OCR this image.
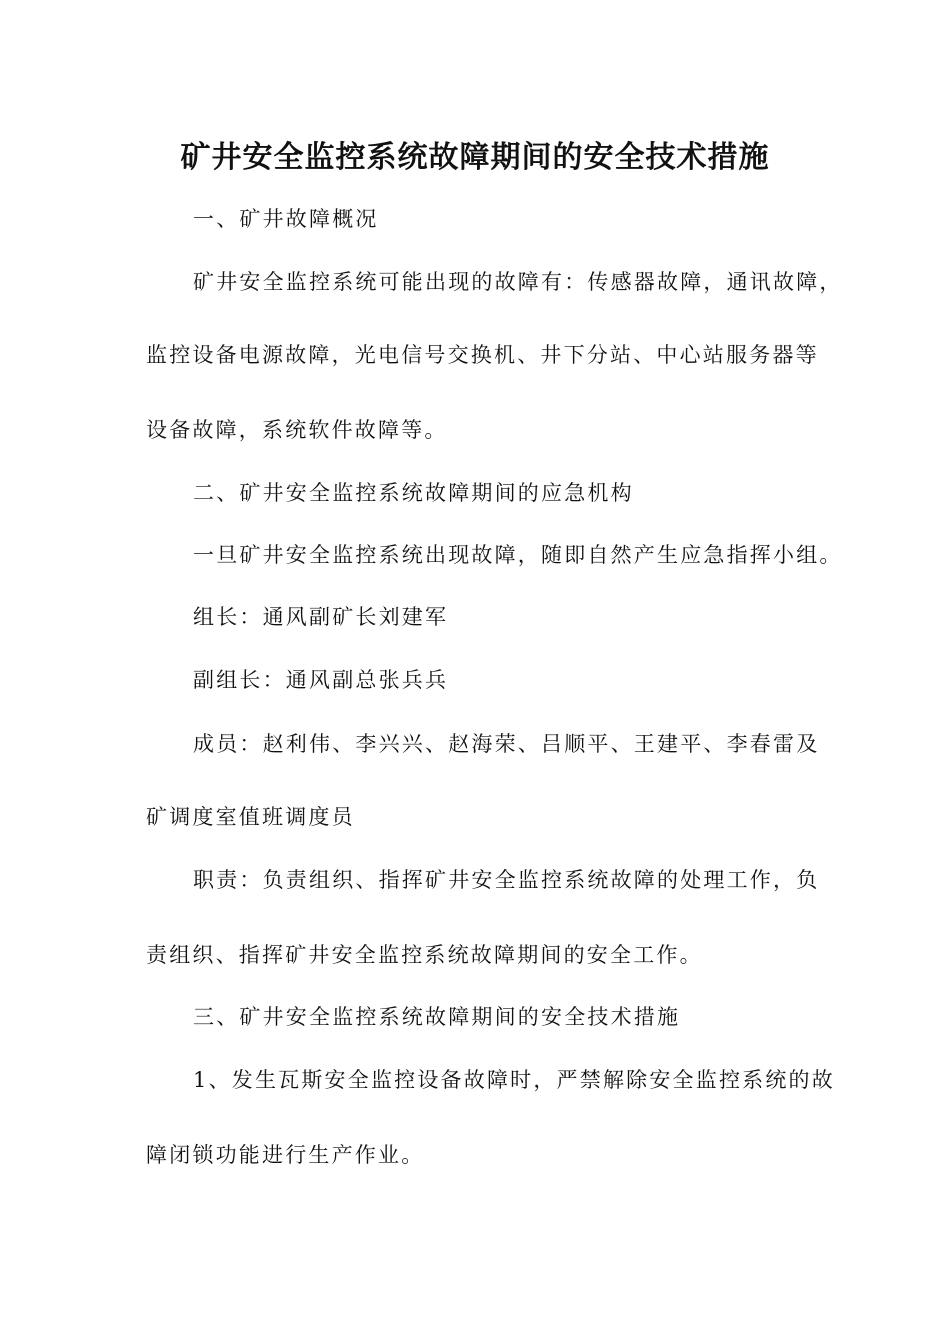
矿井安全监控系统故障期间的安全技术措施
一、矿井故障概况
矿井安全监控系统可能出现的故障有：传感器故障，通讯故障，
监控设备电源故障，光电信号交换机、井下分站、中心站服务器等
设备故障，系统软件故障等。
二、矿井安全监控系统故障期间的应急机构
一旦矿井安全监控系统出现故障，随即自然产生应急指挥小组。
组长：通风副矿长刘建军
副组长：通风副总张兵兵
成员：赵利伟、李兴兴、赵海荣、吕顺平、王建平、李春雷及
矿调度室值班调度员
职责：负责组织、指挥矿井安全监控系统故障的处理工作，负
责组织、指挥矿井安全监控系统故障期间的安全工作。
三、矿井安全监控系统故障期间的安全技术措施
1、发生瓦斯安全监控设备故障时，严禁解除安全监控系统的故
障闭锁功能进行生产作业。
